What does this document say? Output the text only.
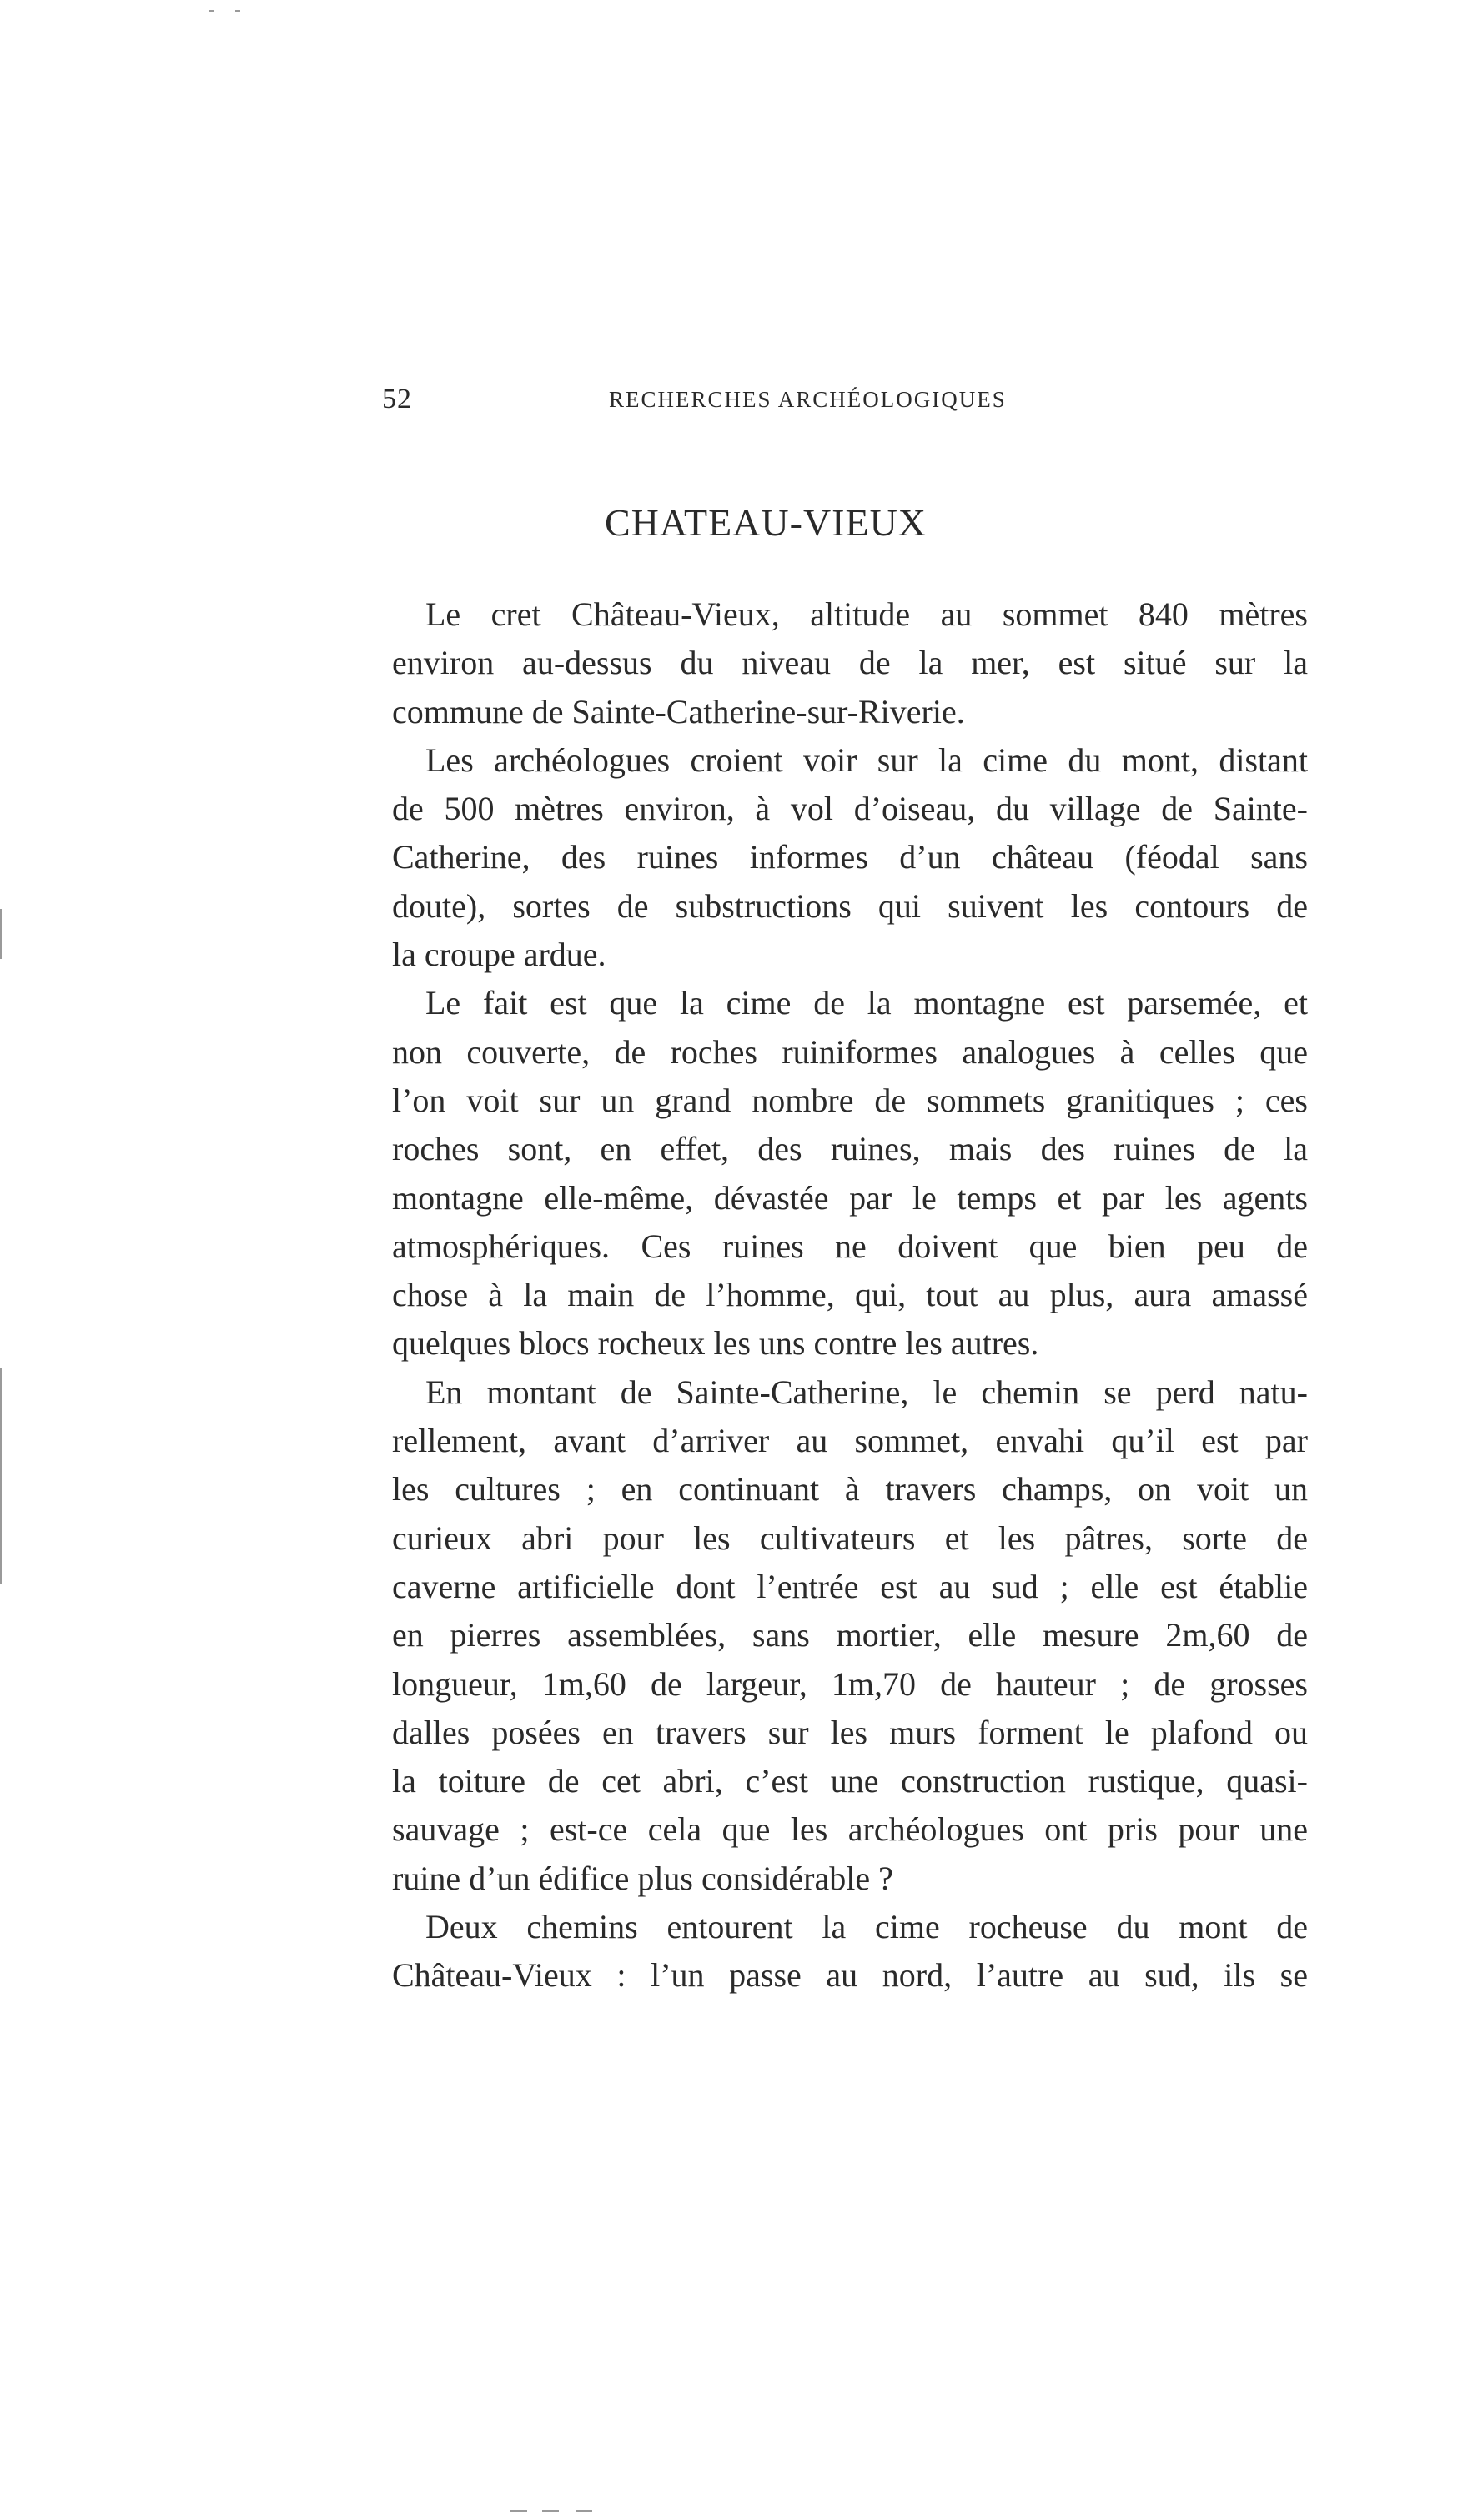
52	RECHERCHES ARCHÉOLOGIQUES
CHATEAU-VIEUX
Le cret Château-Vieux, altitude au sommet 840 mètres
environ au-dessus du niveau de la mer, est situé sur la
commune de Sainte-Catherine-sur-Riverie.
Les archéologues croient voir sur la cime du mont, distant
de 500 mètres environ, à vol d’oiseau, du village de Sainte-
Catherine, des ruines informes d’un château (féodal sans
doute), sortes de substructions qui suivent les contours de
la croupe ardue.
Le fait est que la cime de la montagne est parsemée, et
non couverte, de roches ruiniformes analogues à celles que
l’on voit sur un grand nombre de sommets granitiques ; ces
roches sont, en effet, des ruines, mais des ruines de la
montagne elle-même, dévastée par le temps et par les agents
atmosphériques. Ces ruines ne doivent que bien peu de
chose à la main de l’homme, qui, tout au plus, aura amassé
quelques blocs rocheux les uns contre les autres.
En montant de Sainte-Catherine, le chemin se perd natu-
rellement, avant d’arriver au sommet, envahi qu’il est par
les cultures ; en continuant à travers champs, on voit un
curieux abri pour les cultivateurs et les pâtres, sorte de
caverne artificielle dont l’entrée est au sud ; elle est établie
en pierres assemblées, sans mortier, elle mesure 2m,60 de
longueur, 1m,60 de largeur, 1m,70 de hauteur ; de grosses
dalles posées en travers sur les murs forment le plafond ou
la toiture de cet abri, c’est une construction rustique, quasi-
sauvage ; est-ce cela que les archéologues ont pris pour une
ruine d’un édifice plus considérable ?
Deux chemins entourent la cime rocheuse du mont de
Château-Vieux : l’un passe au nord, l’autre au sud, ils se
